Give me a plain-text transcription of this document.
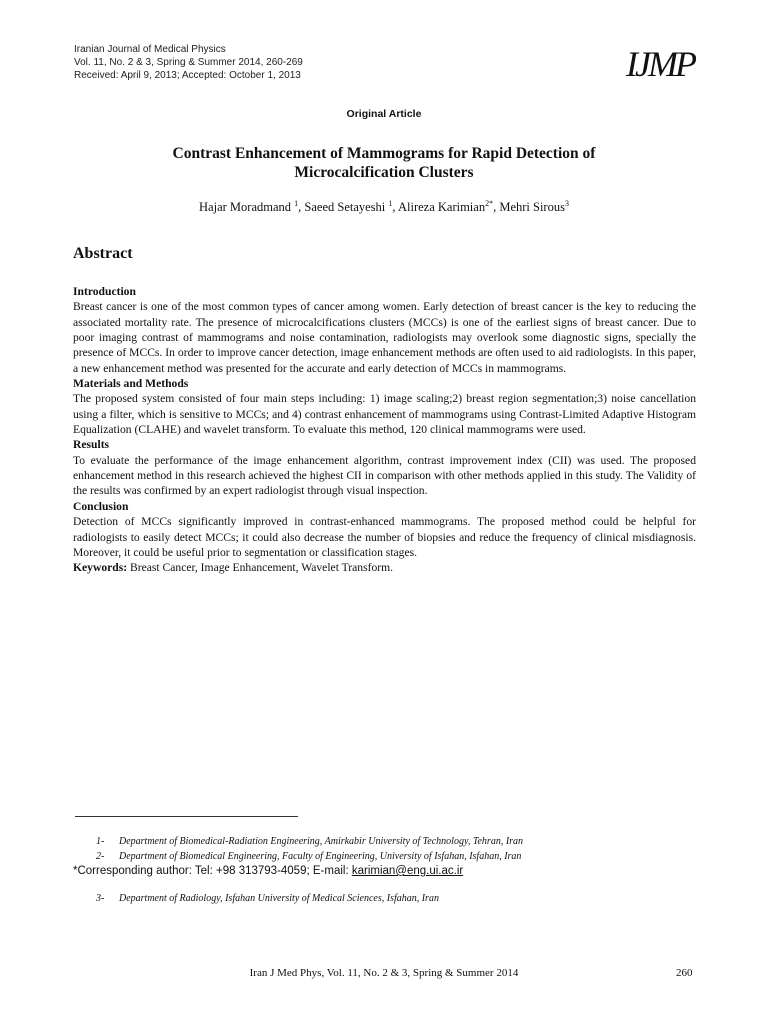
Iranian Journal of Medical Physics
Vol. 11, No. 2 & 3, Spring & Summer 2014, 260-269
Received: April 9, 2013; Accepted: October 1, 2013	IJMP
Original Article
Contrast Enhancement of Mammograms for Rapid Detection of
Microcalcification Clusters
Hajar Moradmand $^1$, Saeed Setayeshi $^1$, Alireza Karimian$^{2*}$, Mehri Sirous$^3$
Abstract
Introduction

Breast cancer is one of the most common types of cancer among women. Early detection of breast cancer is the key to reducing the associated mortality rate. The presence of microcalcifications clusters (MCCs) is one of the earliest signs of breast cancer. Due to poor imaging contrast of mammograms and noise contamination, radiologists may overlook some diagnostic signs, specially the presence of MCCs. In order to improve cancer detection, image enhancement methods are often used to aid radiologists. In this paper, a new enhancement method was presented for the accurate and early detection of MCCs in mammograms.

Materials and Methods

The proposed system consisted of four main steps including: 1) image scaling;2) breast region segmentation;3) noise cancellation using a filter, which is sensitive to MCCs; and 4) contrast enhancement of mammograms using Contrast-Limited Adaptive Histogram Equalization (CLAHE) and wavelet transform. To evaluate this method, 120 clinical mammograms were used.

Results

To evaluate the performance of the image enhancement algorithm, contrast improvement index (CII) was used. The proposed enhancement method in this research achieved the highest CII in comparison with other methods applied in this study. The Validity of the results was confirmed by an expert radiologist through visual inspection.

Conclusion

Detection of MCCs significantly improved in contrast-enhanced mammograms. The proposed method could be helpful for radiologists to easily detect MCCs; it could also decrease the number of biopsies and reduce the frequency of clinical misdiagnosis. Moreover, it could be useful prior to segmentation or classification stages.

Keywords: Breast Cancer, Image Enhancement, Wavelet Transform.

1- Department of Biomedical-Radiation Engineering, Amirkabir University of Technology, Tehran, Iran
2- Department of Biomedical Engineering, Faculty of Engineering, University of Isfahan, Isfahan, Iran
*Corresponding author: Tel: +98 313793-4059; E-mail: karimian@eng.ui.ac.ir
3- Department of Radiology, Isfahan University of Medical Sciences, Isfahan, Iran
Iran J Med Phys, Vol. 11, No. 2 & 3, Spring & Summer 2014	260
